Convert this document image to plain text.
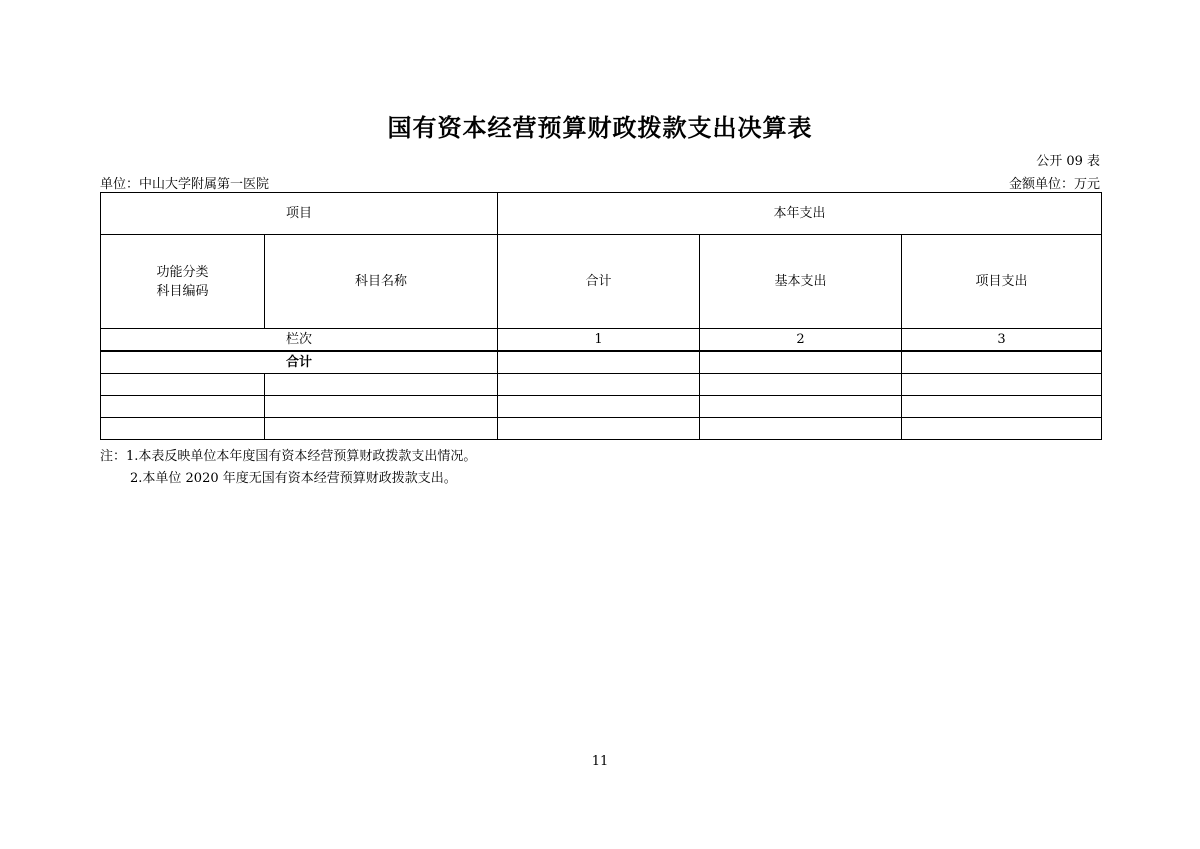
国有资本经营预算财政拨款支出决算表
公开 09 表
单位：中山大学附属第一医院	金额单位：万元
项目		本年支出		

功能分类
科目编码	科目名称	合计	基本支出	项目支出
栏次		1	2	3
合计				

注：1.本表反映单位本年度国有资本经营预算财政拨款支出情况。
2.本单位 2020 年度无国有资本经营预算财政拨款支出。
11
